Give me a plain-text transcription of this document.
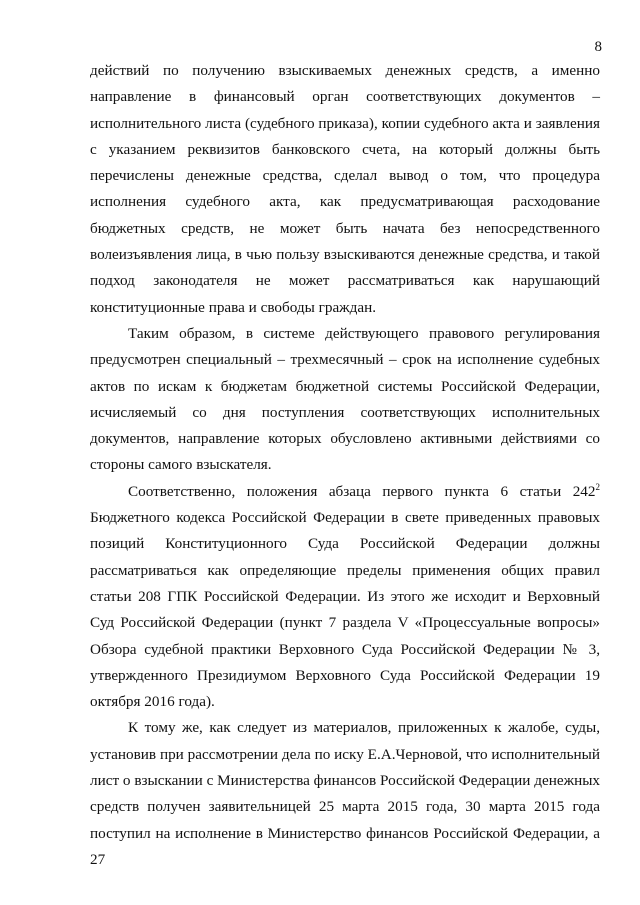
8

действий по получению взыскиваемых денежных средств, а именно направление в финансовый орган соответствующих документов – исполнительного листа (судебного приказа), копии судебного акта и заявления с указанием реквизитов банковского счета, на который должны быть перечислены денежные средства, сделал вывод о том, что процедура исполнения судебного акта, как предусматривающая расходование бюджетных средств, не может быть начата без непосредственного волеизъявления лица, в чью пользу взыскиваются денежные средства, и такой подход законодателя не может рассматриваться как нарушающий конституционные права и свободы граждан.

Таким образом, в системе действующего правового регулирования предусмотрен специальный – трехмесячный – срок на исполнение судебных актов по искам к бюджетам бюджетной системы Российской Федерации, исчисляемый со дня поступления соответствующих исполнительных документов, направление которых обусловлено активными действиями со стороны самого взыскателя.

Соответственно, положения абзаца первого пункта 6 статьи $242^2$ Бюджетного кодекса Российской Федерации в свете приведенных правовых позиций Конституционного Суда Российской Федерации должны рассматриваться как определяющие пределы применения общих правил статьи 208 ГПК Российской Федерации. Из этого же исходит и Верховный Суд Российской Федерации (пункт 7 раздела V «Процессуальные вопросы» Обзора судебной практики Верховного Суда Российской Федерации № 3, утвержденного Президиумом Верховного Суда Российской Федерации 19 октября 2016 года).

К тому же, как следует из материалов, приложенных к жалобе, суды, установив при рассмотрении дела по иску Е.А.Черновой, что исполнительный лист о взыскании с Министерства финансов Российской Федерации денежных средств получен заявительницей 25 марта 2015 года, 30 марта 2015 года поступил на исполнение в Министерство финансов Российской Федерации, а 27
